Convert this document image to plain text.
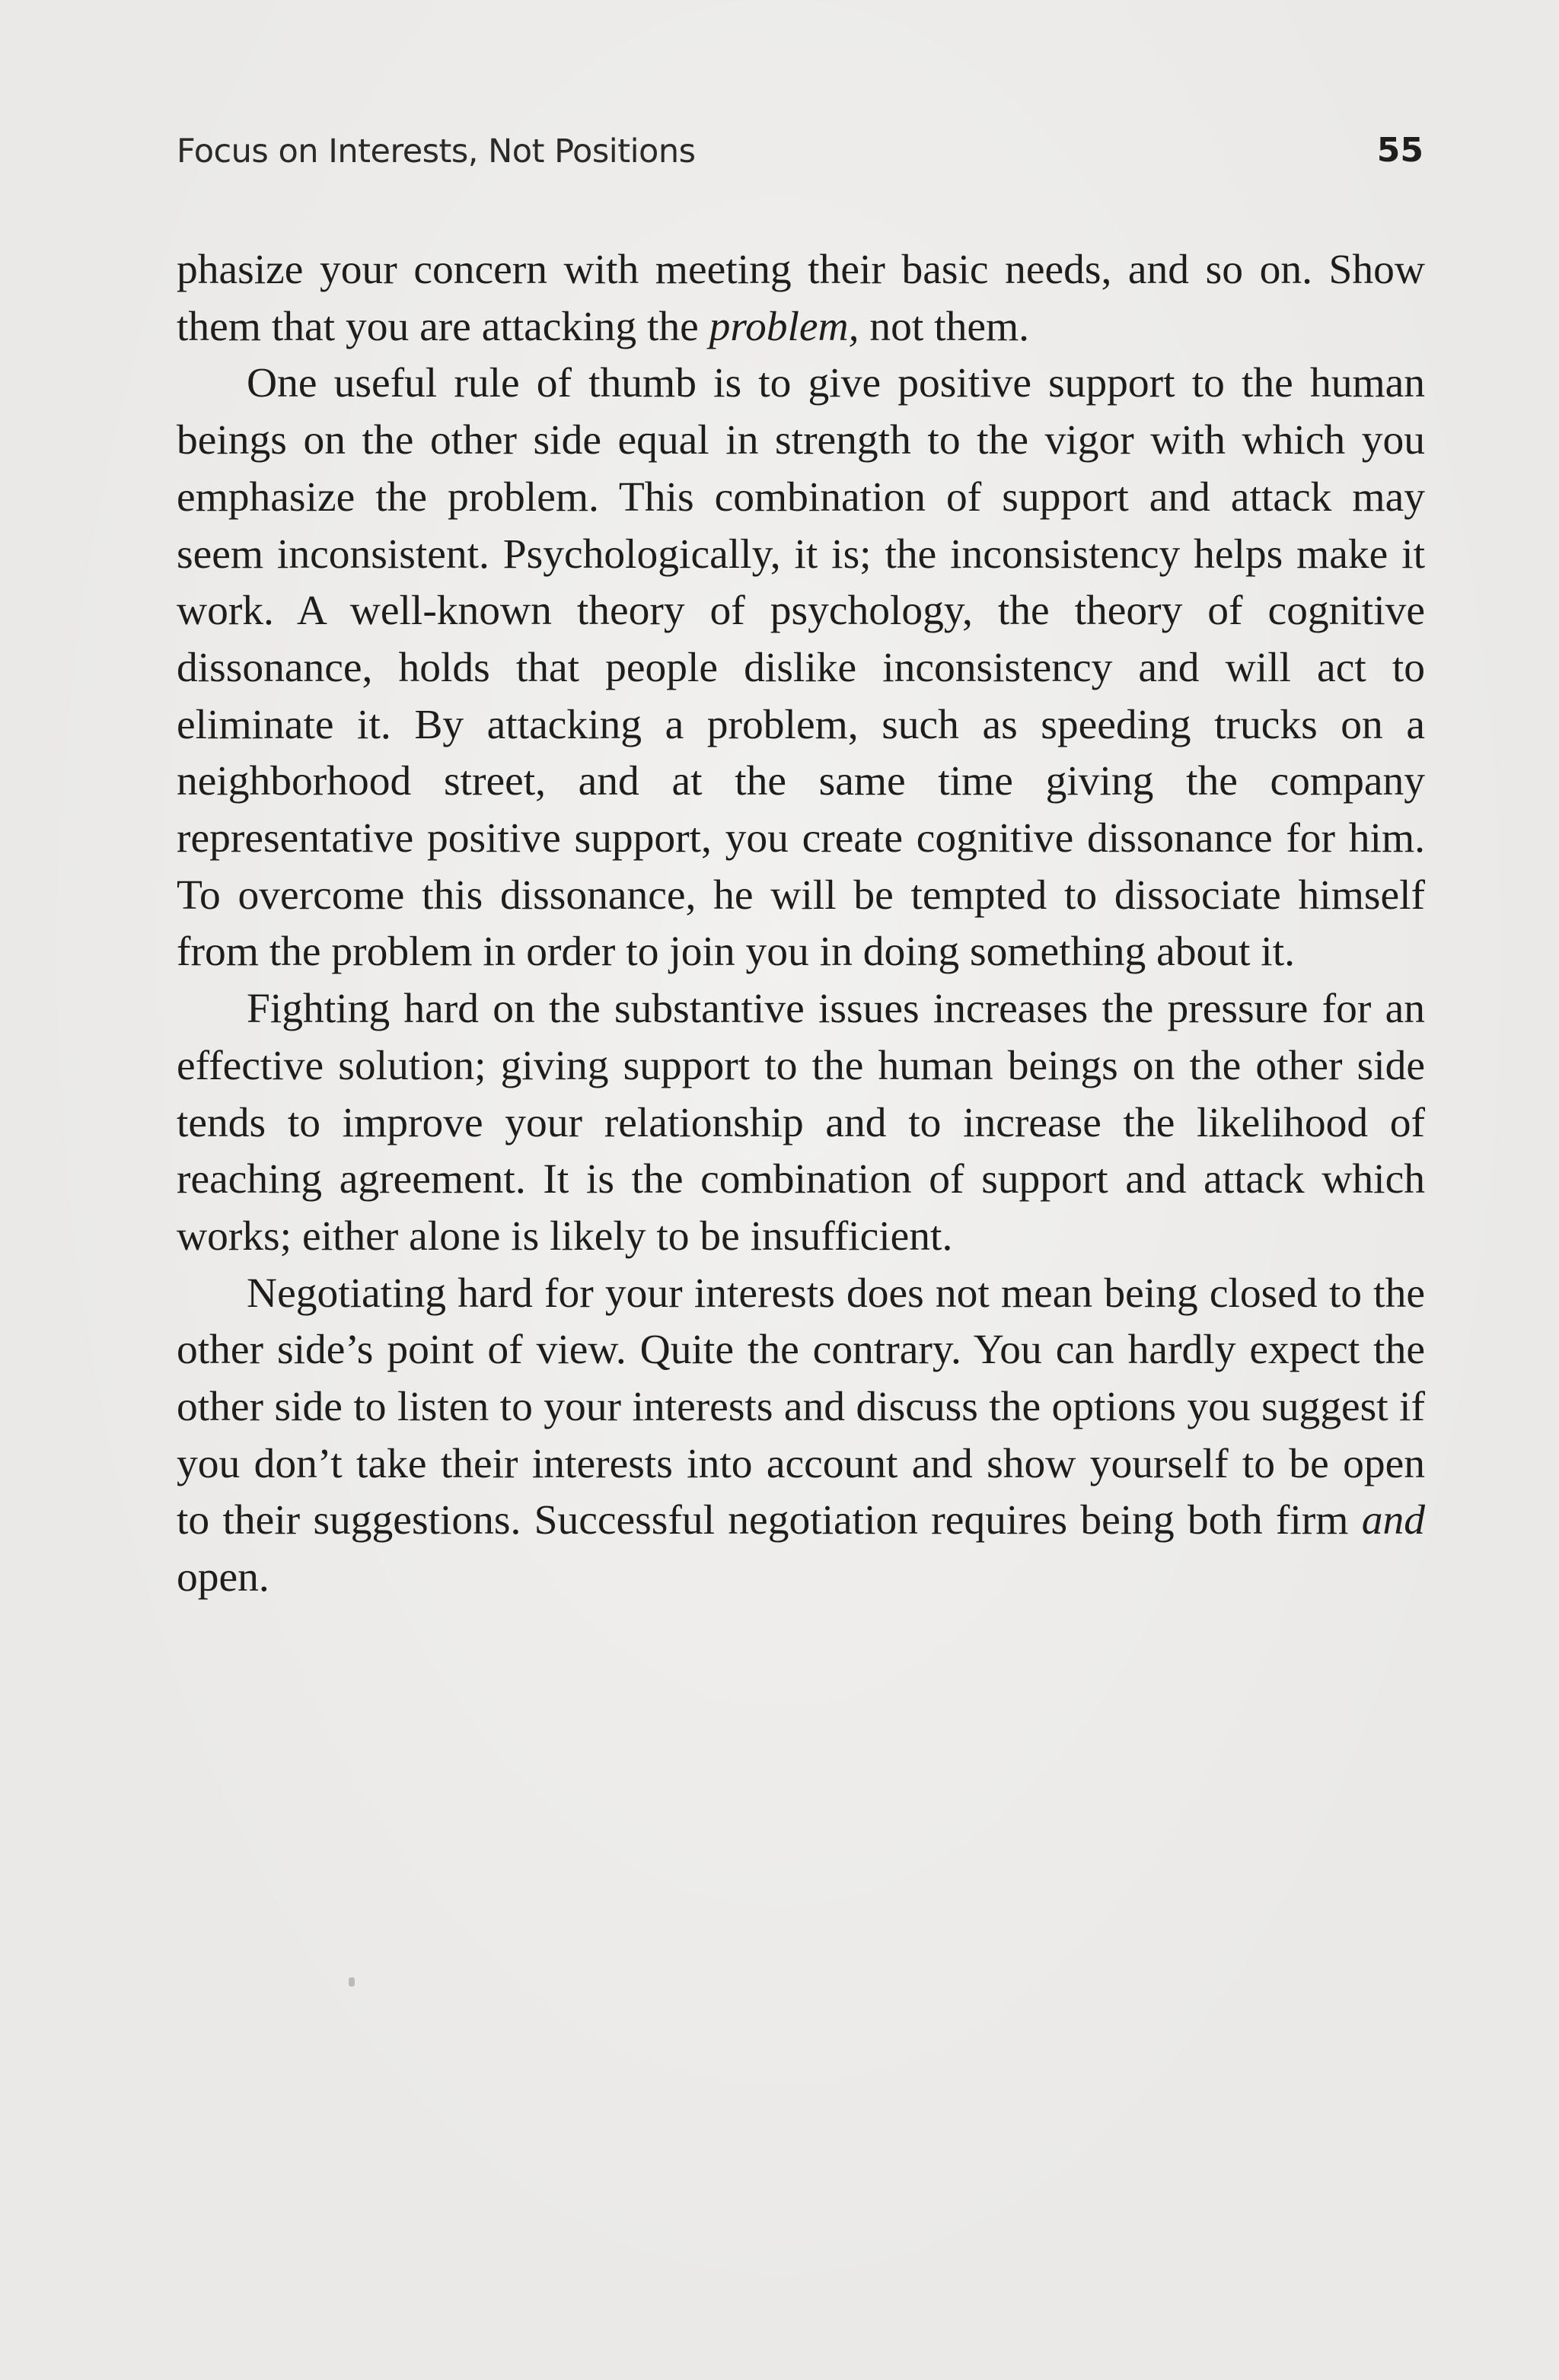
Focus on Interests, Not Positions	55

phasize your concern with meeting their basic needs, and so on. Show them that you are attacking the problem, not them.

One useful rule of thumb is to give positive support to the human beings on the other side equal in strength to the vigor with which you emphasize the problem. This combination of support and attack may seem inconsistent. Psychologically, it is; the inconsistency helps make it work. A well-known theory of psychology, the theory of cognitive dissonance, holds that people dislike inconsistency and will act to eliminate it. By attacking a problem, such as speeding trucks on a neighborhood street, and at the same time giving the company representative positive support, you create cognitive dissonance for him. To overcome this dissonance, he will be tempted to dissociate himself from the problem in order to join you in doing something about it.

Fighting hard on the substantive issues increases the pressure for an effective solution; giving support to the human beings on the other side tends to improve your relationship and to increase the likelihood of reaching agreement. It is the combination of support and attack which works; either alone is likely to be insufficient.

Negotiating hard for your interests does not mean being closed to the other side’s point of view. Quite the contrary. You can hardly expect the other side to listen to your interests and discuss the options you suggest if you don’t take their interests into account and show yourself to be open to their suggestions. Successful negotiation requires being both firm and open.
